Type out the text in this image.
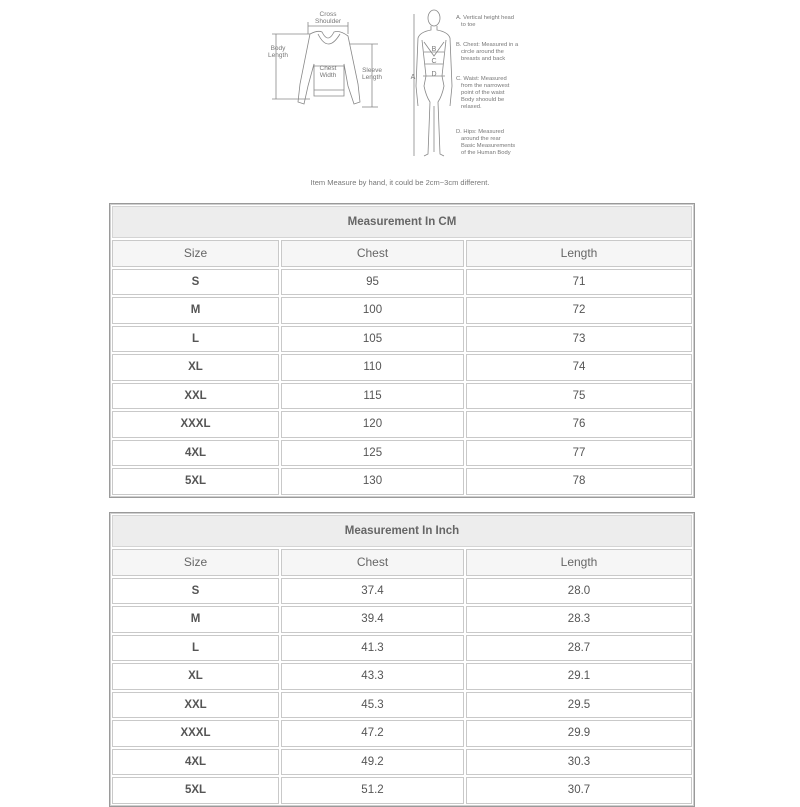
Cross
Shoulder
Body
Length
Chest
Width
Sleeve
Length
B
C
A D
A. Vertical height head
to toe
B. Chest: Measured in a
circle around the
breasts and back
C. Waist: Measured
from the narrowest
point of the waist
Body shoould be
relaxed.
D. Hips: Measured
around the rear
Basic Measurements
of the Human Body
Item Measure by hand, it could be 2cm~3cm different.
Measurement In CM		
Size	Chest	Length
S	95	71
M	100	72
L	105	73
XL	110	74
XXL	115	75
XXXL	120	76
4XL	125	77
5XL	130	78
Measurement In Inch		
Size	Chest	Length
S	37.4	28.0
M	39.4	28.3
L	41.3	28.7
XL	43.3	29.1
XXL	45.3	29.5
XXXL	47.2	29.9
4XL	49.2	30.3
5XL	51.2	30.7
